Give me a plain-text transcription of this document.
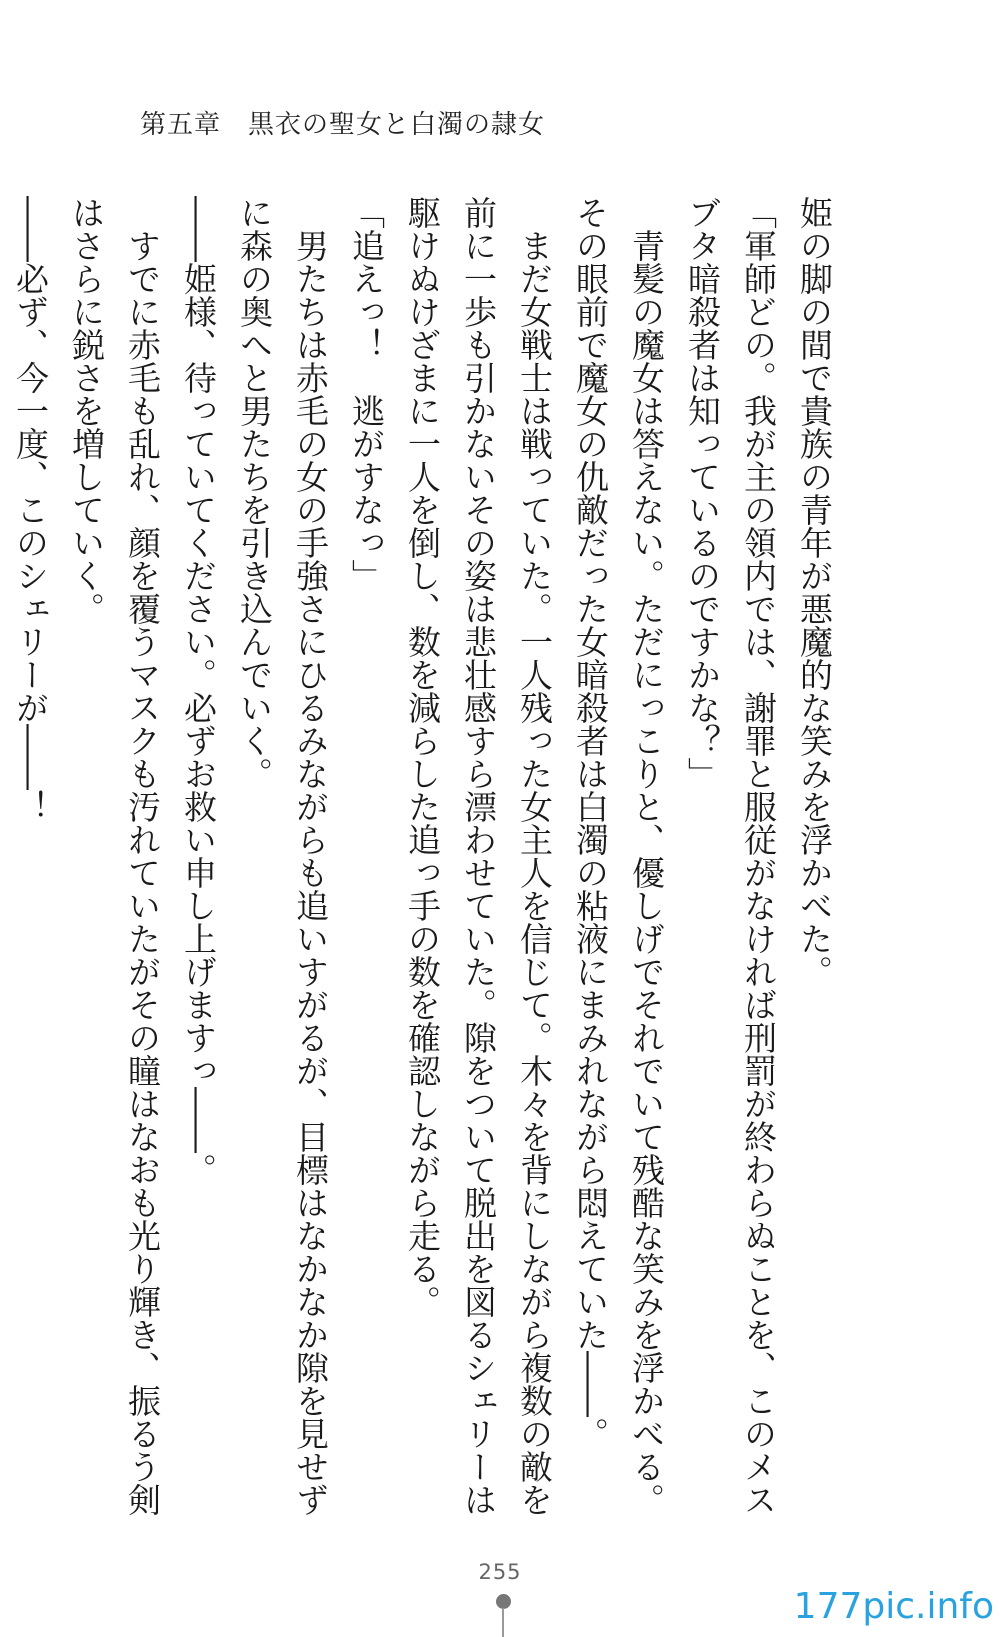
第五章　黒衣の聖女と白濁の隷女
姫の脚の間で貴族の青年が悪魔的な笑みを浮かべた。
「軍師どの。我が主の領内では、謝罪と服従がなければ刑罰が終わらぬことを、このメス
ブタ暗殺者は知っているのですかな？」
　青髪の魔女は答えない。ただにっこりと、優しげでそれでいて残酷な笑みを浮かべる。
その眼前で魔女の仇敵だった女暗殺者は白濁の粘液にまみれながら悶えていた――。
　まだ女戦士は戦っていた。一人残った女主人を信じて。木々を背にしながら複数の敵を
前に一歩も引かないその姿は悲壮感すら漂わせていた。隙をついて脱出を図るシェリーは
駆けぬけざまに一人を倒し、数を減らした追っ手の数を確認しながら走る。
「追えっ！　逃がすなっ」
　男たちは赤毛の女の手強さにひるみながらも追いすがるが、目標はなかなか隙を見せず
に森の奥へと男たちを引き込んでいく。
――姫様、待っていてください。必ずお救い申し上げますっ――。
　すでに赤毛も乱れ、顔を覆うマスクも汚れていたがその瞳はなおも光り輝き、振るう剣
はさらに鋭さを増していく。
――必ず、今一度、このシェリーが――！
255
177pic.info
